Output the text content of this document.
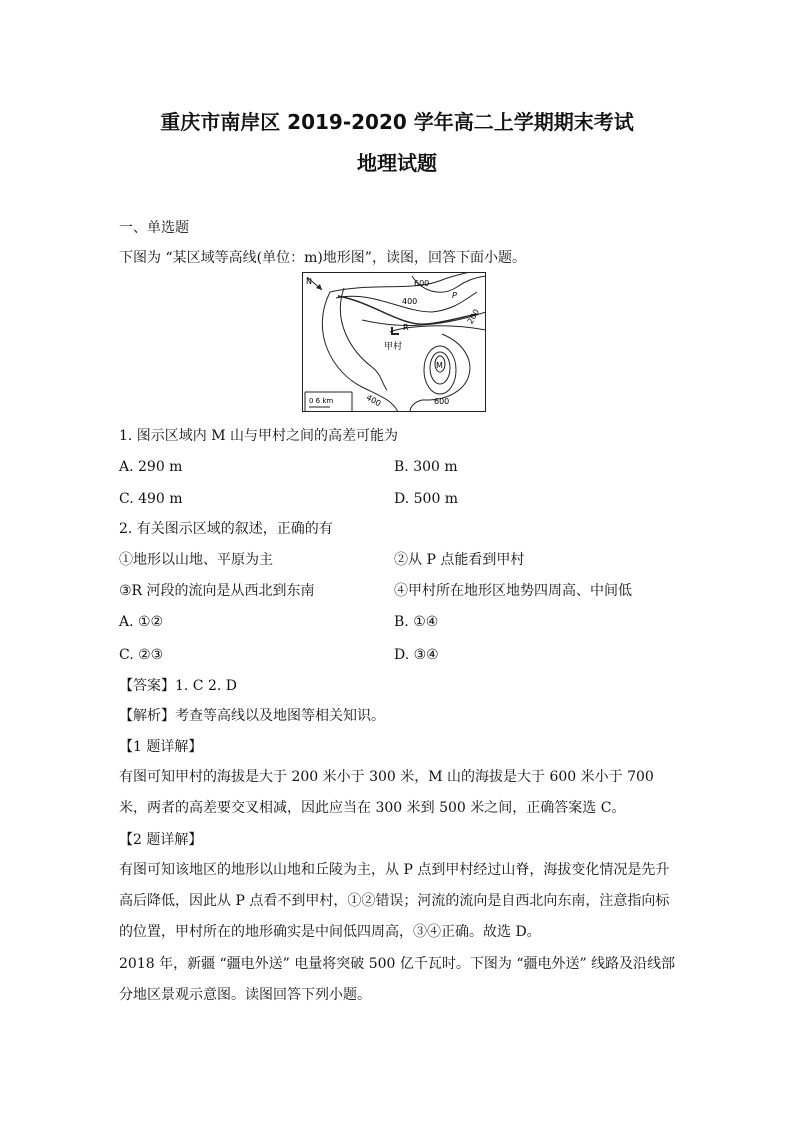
重庆市南岸区 2019-2020 学年高二上学期期末考试
地理试题
一、单选题
下图为 “某区域等高线(单位：m)地形图”，读图，回答下面小题。
N	600
400
P
200
R
甲村
M
400	600
0 6 km
1. 图示区域内 M 山与甲村之间的高差可能为
A. 290 m	B. 300 m
C. 490 m	D. 500 m
2. 有关图示区域的叙述，正确的有
①地形以山地、平原为主	②从 P 点能看到甲村
③R 河段的流向是从西北到东南	④甲村所在地形区地势四周高、中间低
A. ①②	B. ①④
C. ②③	D. ③④
【答案】1. C 2. D
【解析】考查等高线以及地图等相关知识。
【1 题详解】
有图可知甲村的海拔是大于 200 米小于 300 米，M 山的海拔是大于 600 米小于 700 米，两者的高差要交叉相减，因此应当在 300 米到 500 米之间，正确答案选 C。
【2 题详解】
有图可知该地区的地形以山地和丘陵为主，从 P 点到甲村经过山脊，海拔变化情况是先升高后降低，因此从 P 点看不到甲村，①②错误；河流的流向是自西北向东南，注意指向标的位置，甲村所在的地形确实是中间低四周高，③④正确。故选 D。
2018 年，新疆 “疆电外送” 电量将突破 500 亿千瓦时。下图为 “疆电外送” 线路及沿线部分地区景观示意图。读图回答下列小题。
